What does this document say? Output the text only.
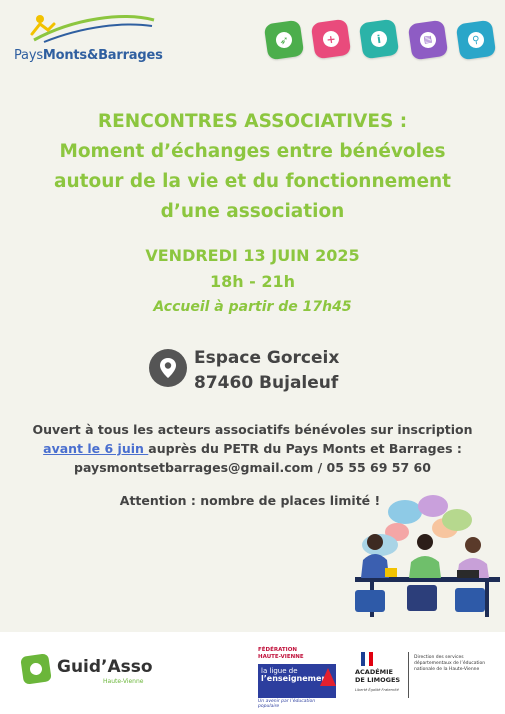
PaysMonts&Barrages
➶	+	i	▤	⚲
RENCONTRES ASSOCIATIVES :
Moment d’échanges entre bénévoles
autour de la vie et du fonctionnement
d’une association
VENDREDI 13 JUIN 2025
18h - 21h
Accueil à partir de 17h45
Espace Gorceix
87460 Bujaleuf
Ouvert à tous les acteurs associatifs bénévoles sur inscription
avant le 6 juin auprès du PETR du Pays Monts et Barrages :
paysmontsetbarrages@gmail.com / 05 55 69 57 60
Attention : nombre de places limité !
Guid’Asso
Haute-Vienne
FÉDÉRATION
HAUTE-VIENNE
la ligue de
l’enseignement
Un avenir par l’éducation populaire
ACADÉMIE
DE LIMOGES
Liberté Égalité Fraternité
Direction des services départementaux de l’éducation nationale de la Haute-Vienne
